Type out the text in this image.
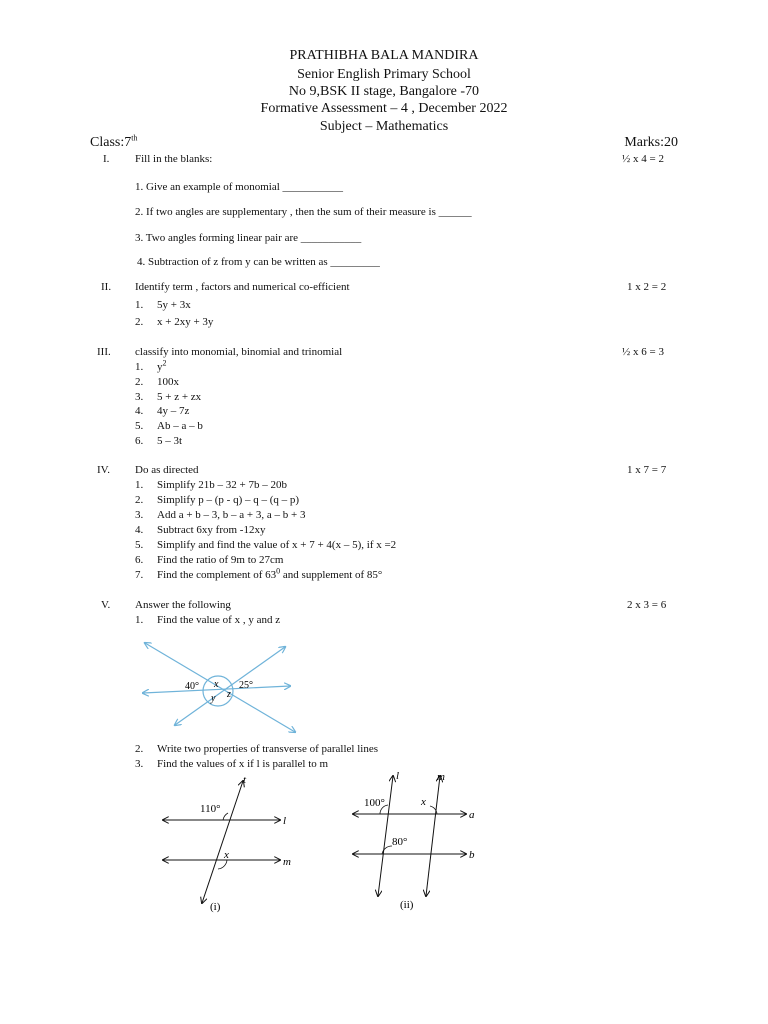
PRATHIBHA BALA MANDIRA
Senior English Primary School
No 9,BSK II stage, Bangalore -70
Formative Assessment – 4 , December 2022
Subject – Mathematics
Class:7th	Marks:20
I. Fill in the blanks:	½ x 4 = 2
1. Give an example of monomial ___________
2. If two angles are supplementary , then the sum of their measure is ______
3. Two angles forming linear pair are ___________
4. Subtraction of z from y can be written as _________
II. Identify term , factors and numerical co-efficient	1 x 2 = 2
1. 5y + 3x
2. x + 2xy + 3y
III. classify into monomial, binomial and trinomial	½ x 6 = 3
1. $y^2$
2. 100x
3. 5 + z + zx
4. 4y – 7z
5. Ab – a – b
6. 5 – 3t
IV. Do as directed	1 x 7 = 7
1. Simplify 21b – 32 + 7b – 20b
2. Simplify p – (p - q) – q – (q – p)
3. Add a + b – 3, b – a + 3, a – b + 3
4. Subtract 6xy from -12xy
5. Simplify and find the value of x + 7 + 4(x – 5), if x =2
6. Find the ratio of 9m to 27cm
7. Find the complement of $63^0$ and supplement of 85°
V. Answer the following	2 x 3 = 6
1. Find the value of x , y and z
2. Write two properties of transverse of parallel lines
3. Find the values of x if l is parallel to m
40° x 25°
y z
110°
t
l
x
m
(i)
l	m
100°	x
a
80°
b
(ii)
